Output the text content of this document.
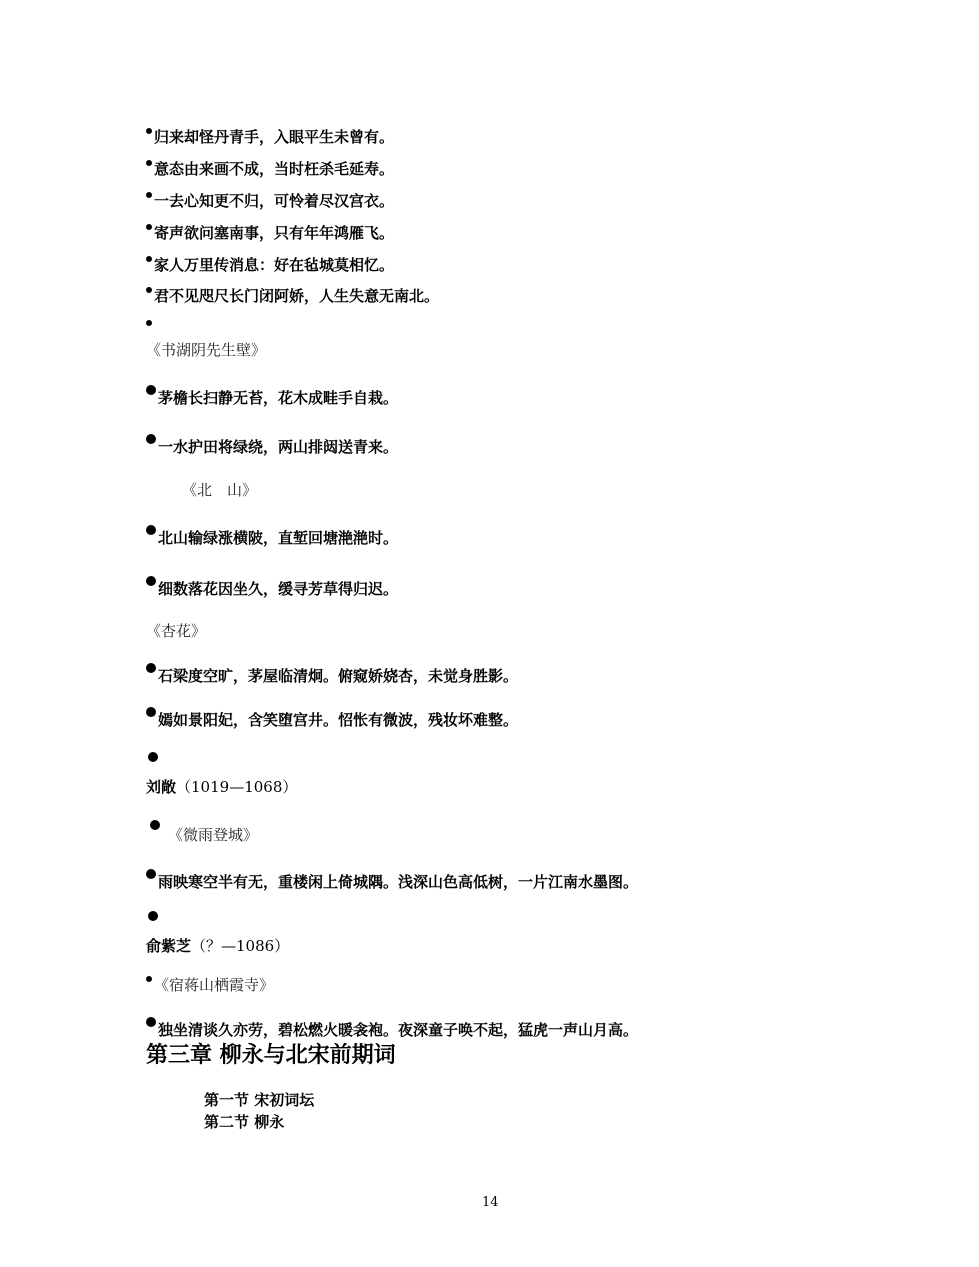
归来却怪丹青手，入眼平生未曾有。
意态由来画不成，当时枉杀毛延寿。
一去心知更不归，可怜着尽汉宫衣。
寄声欲问塞南事，只有年年鸿雁飞。
家人万里传消息：好在毡城莫相忆。
君不见咫尺长门闭阿娇，人生失意无南北。
《书湖阴先生壁》
茅檐长扫静无苔，花木成畦手自栽。
一水护田将绿绕，两山排闼送青来。
《北　山》
北山输绿涨横陂，直堑回塘滟滟时。
细数落花因坐久，缓寻芳草得归迟。
《杏花》
石梁度空旷，茅屋临清炯。俯窥娇娆杏，未觉身胜影。
嫣如景阳妃，含笑堕宫井。怊怅有微波，残妆坏难整。
刘敞（1019—1068）
《微雨登城》
雨映寒空半有无，重楼闲上倚城隅。浅深山色高低树，一片江南水墨图。
俞紫芝（？—1086）
《宿蒋山栖霞寺》
独坐清谈久亦劳，碧松燃火暖衾袍。夜深童子唤不起，猛虎一声山月高。
第三章 柳永与北宋前期词
第一节 宋初词坛
第二节 柳永
14
